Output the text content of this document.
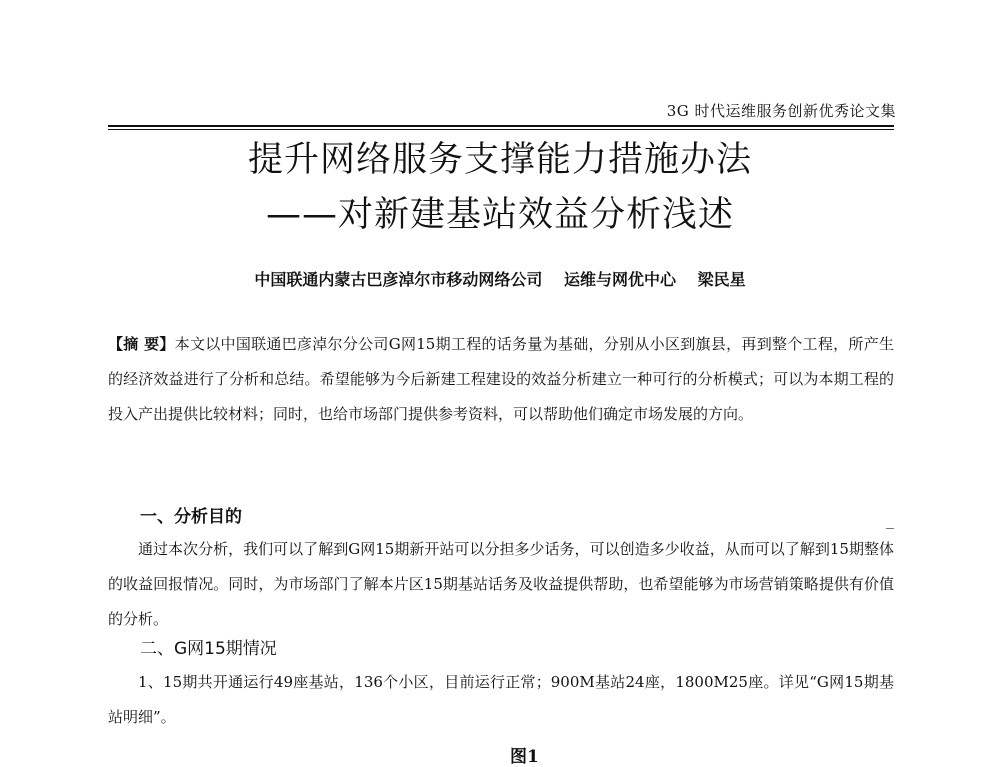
3G 时代运维服务创新优秀论文集
提升网络服务支撑能力措施办法
——对新建基站效益分析浅述
中国联通内蒙古巴彦淖尔市移动网络公司 运维与网优中心 梁民星
【摘 要】本文以中国联通巴彦淖尔分公司G网15期工程的话务量为基础，分别从小区到旗县，再到整个工程，所产生的经济效益进行了分析和总结。希望能够为今后新建工程建设的效益分析建立一种可行的分析模式；可以为本期工程的投入产出提供比较材料；同时，也给市场部门提供参考资料，可以帮助他们确定市场发展的方向。
一、分析目的
通过本次分析，我们可以了解到G网15期新开站可以分担多少话务，可以创造多少收益，从而可以了解到15期整体的收益回报情况。同时，为市场部门了解本片区15期基站话务及收益提供帮助，也希望能够为市场营销策略提供有价值的分析。
二、G网15期情况
1、15期共开通运行49座基站，136个小区，目前运行正常；900M基站24座，1800M25座。详见“G网15期基站明细”。
图1
